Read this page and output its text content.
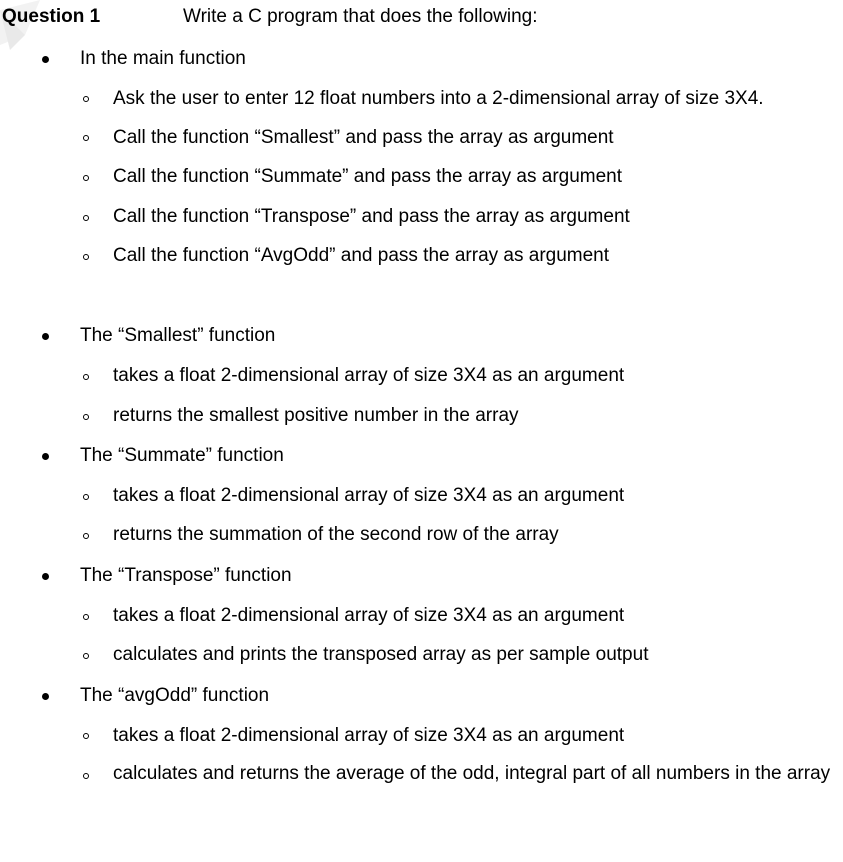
Question 1	Write a C program that does the following:
In the main function
Ask the user to enter 12 float numbers into a 2-dimensional array of size 3X4.
Call the function “Smallest” and pass the array as argument
Call the function “Summate” and pass the array as argument
Call the function “Transpose” and pass the array as argument
Call the function “AvgOdd” and pass the array as argument
The “Smallest” function
takes a float 2-dimensional array of size 3X4 as an argument
returns the smallest positive number in the array
The “Summate” function
takes a float 2-dimensional array of size 3X4 as an argument
returns the summation of the second row of the array
The “Transpose” function
takes a float 2-dimensional array of size 3X4 as an argument
calculates and prints the transposed array as per sample output
The “avgOdd” function
takes a float 2-dimensional array of size 3X4 as an argument
calculates and returns the average of the odd, integral part of all numbers in the array
